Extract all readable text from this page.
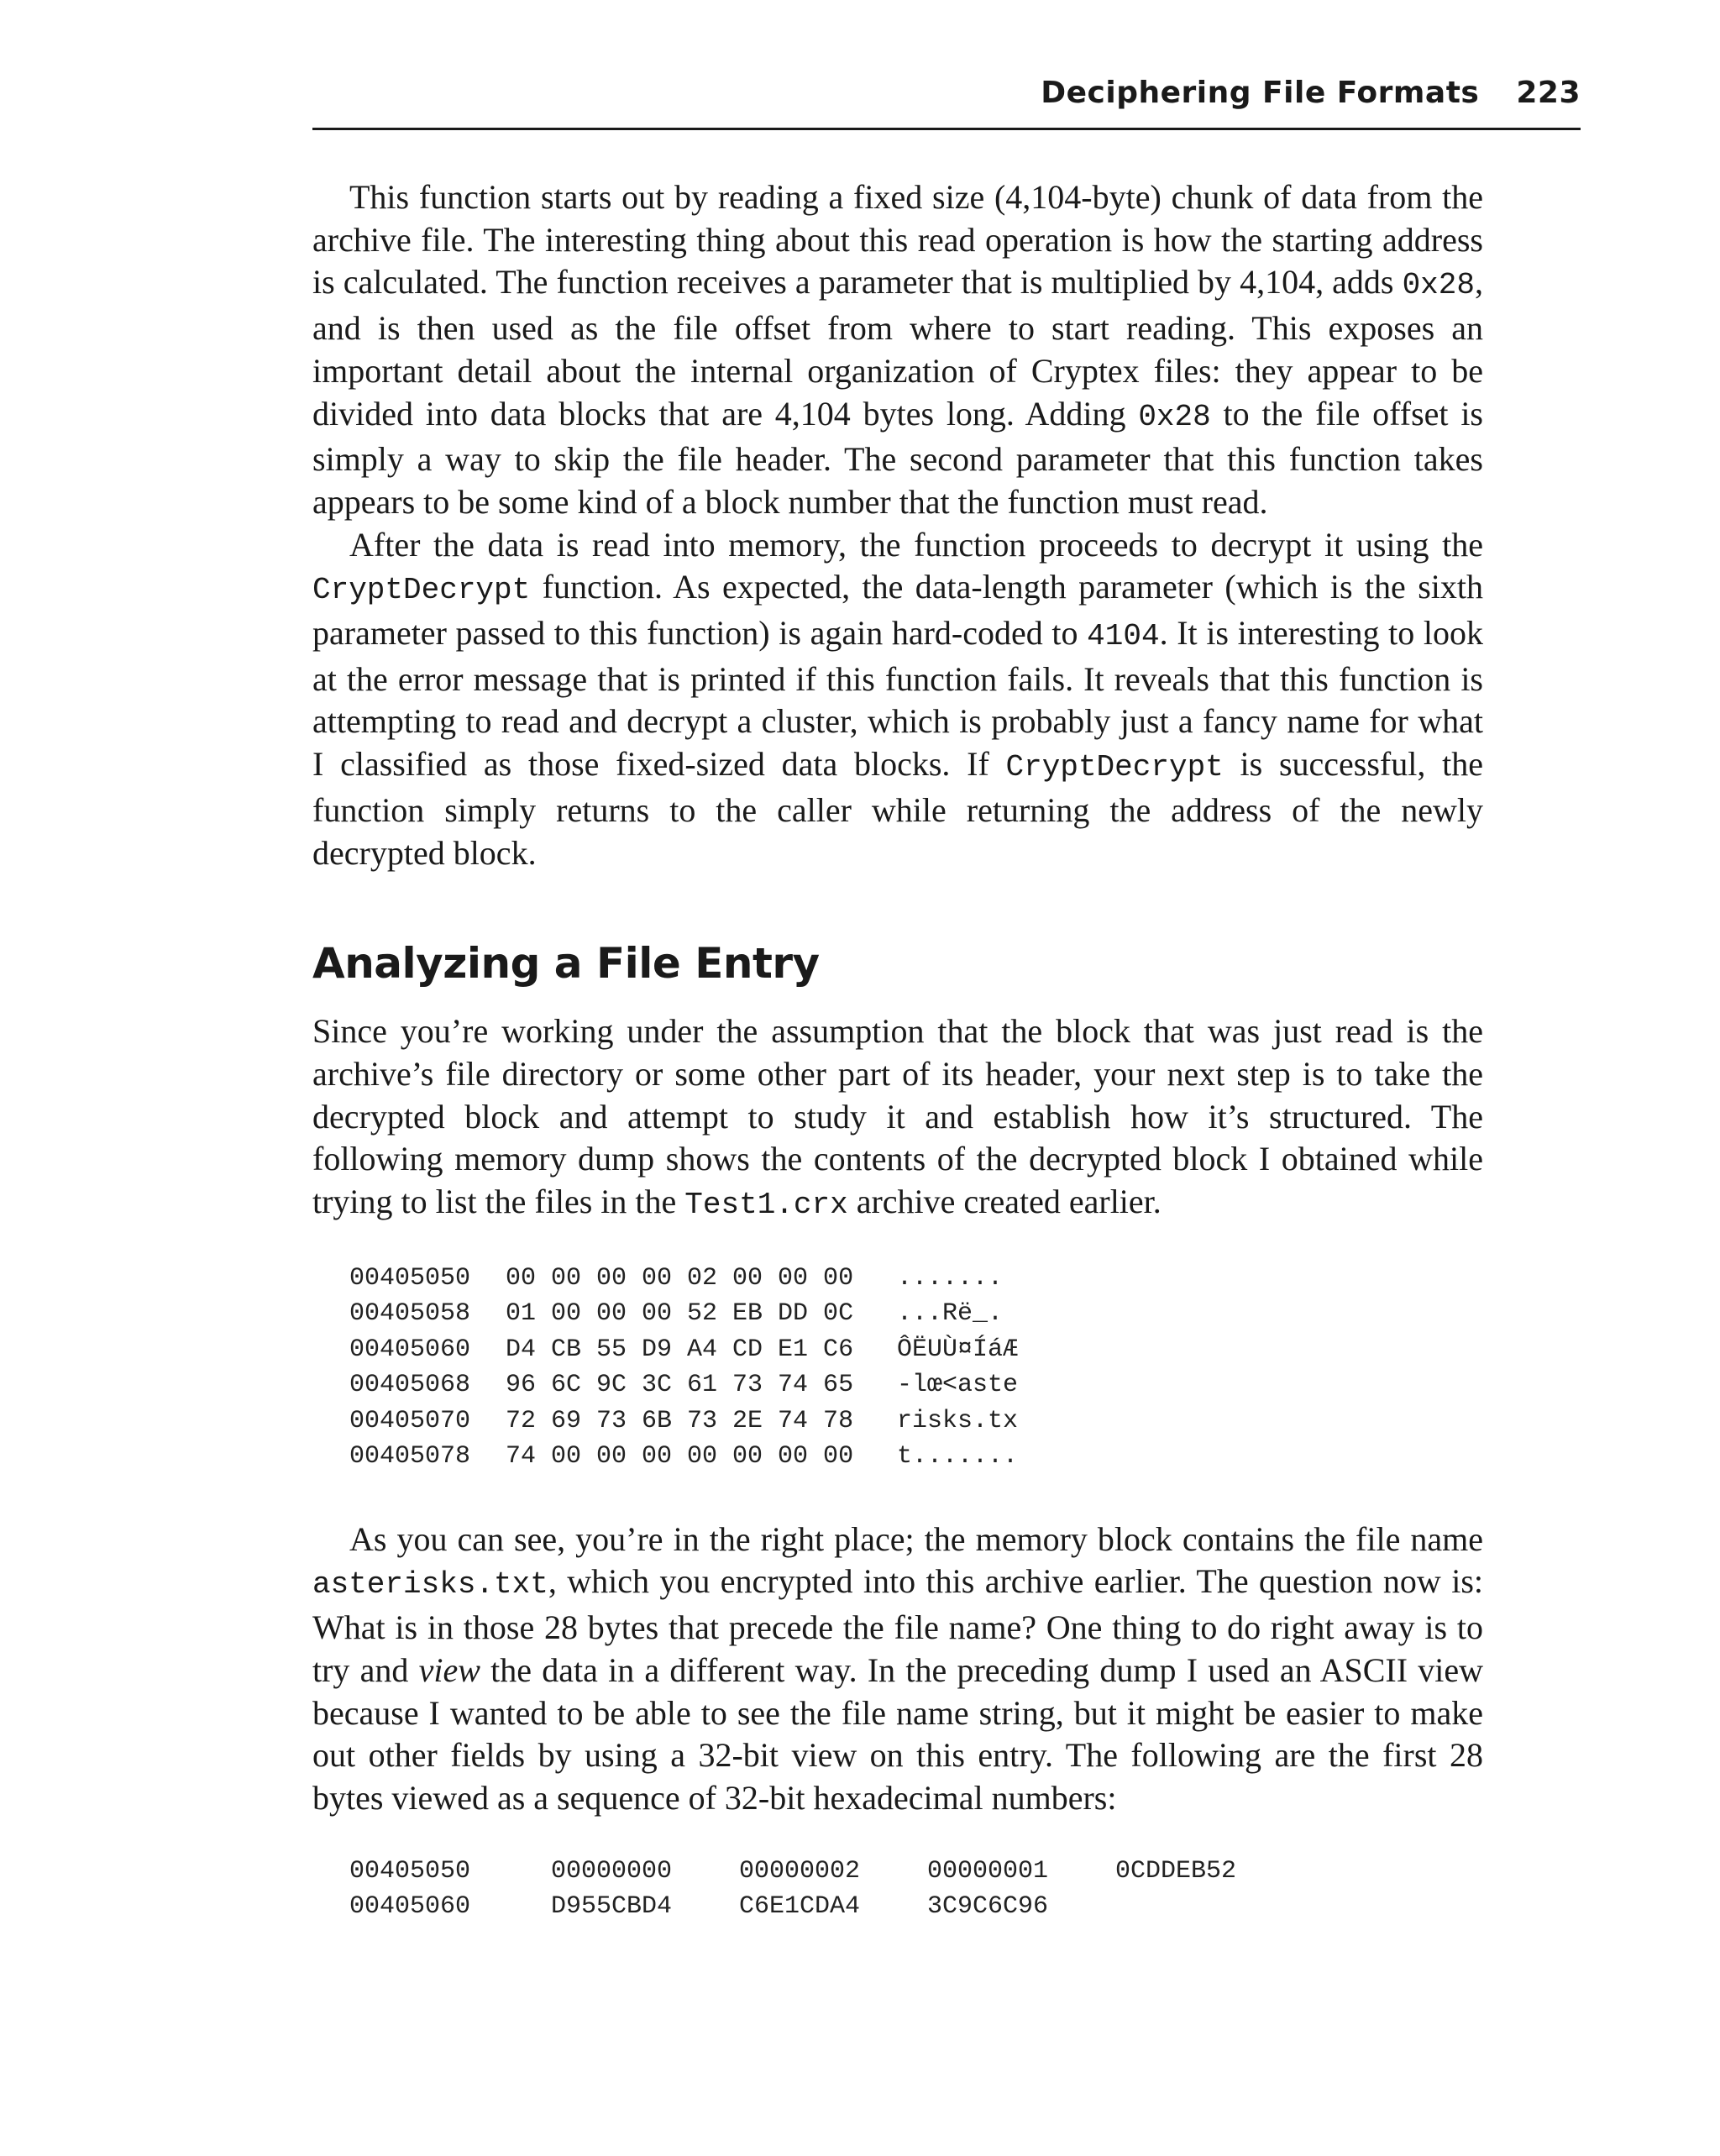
Deciphering File Formats 223

This function starts out by reading a fixed size (4,104-byte) chunk of data from the archive file. The interesting thing about this read operation is how the starting address is calculated. The function receives a parameter that is multiplied by 4,104, adds 0x28, and is then used as the file offset from where to start reading. This exposes an important detail about the internal organization of Cryptex files: they appear to be divided into data blocks that are 4,104 bytes long. Adding 0x28 to the file offset is simply a way to skip the file header. The second parameter that this function takes appears to be some kind of a block number that the function must read.

After the data is read into memory, the function proceeds to decrypt it using the CryptDecrypt function. As expected, the data-length parameter (which is the sixth parameter passed to this function) is again hard-coded to 4104. It is interesting to look at the error message that is printed if this function fails. It reveals that this function is attempting to read and decrypt a cluster, which is probably just a fancy name for what I classified as those fixed-sized data blocks. If CryptDecrypt is successful, the function simply returns to the caller while returning the address of the newly decrypted block.

Analyzing a File Entry

Since you’re working under the assumption that the block that was just read is the archive’s file directory or some other part of its header, your next step is to take the decrypted block and attempt to study it and establish how it’s structured. The following memory dump shows the contents of the decrypted block I obtained while trying to list the files in the Test1.crx archive created earlier.

00405050	00 00 00 00 02 00 00 00	.......
00405058	01 00 00 00 52 EB DD 0C	...Rë_.
00405060	D4 CB 55 D9 A4 CD E1 C6	ÔËUÙ¤ÍáÆ
00405068	96 6C 9C 3C 61 73 74 65	-lœ<aste
00405070	72 69 73 6B 73 2E 74 78	risks.tx
00405078	74 00 00 00 00 00 00 00	t.......

As you can see, you’re in the right place; the memory block contains the file name asterisks.txt, which you encrypted into this archive earlier. The question now is: What is in those 28 bytes that precede the file name? One thing to do right away is to try and view the data in a different way. In the preceding dump I used an ASCII view because I wanted to be able to see the file name string, but it might be easier to make out other fields by using a 32-bit view on this entry. The following are the first 28 bytes viewed as a sequence of 32-bit hexadecimal numbers:

00405050	00000000	00000002	00000001	0CDDEB52
00405060	D955CBD4	C6E1CDA4	3C9C6C96
